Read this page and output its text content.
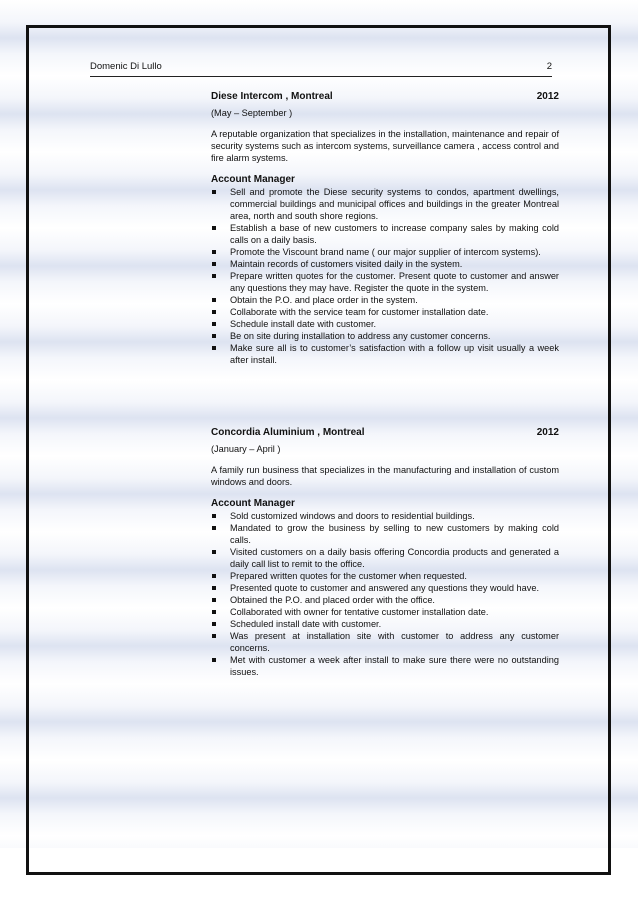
Domenic Di Lullo	2
Diese Intercom , Montreal	2012
(May – September )
A reputable organization that specializes in the installation, maintenance and repair of security systems such as intercom systems, surveillance camera , access control and fire alarm systems.
Account Manager
Sell and promote the Diese security systems to condos, apartment dwellings, commercial buildings and municipal offices and buildings in the greater Montreal area, north and south shore regions.
Establish a base of new customers to increase company sales by making cold calls on a daily basis.
Promote the Viscount brand name ( our major supplier of intercom systems).
Maintain records of customers visited daily in the system.
Prepare written quotes for the customer. Present quote to customer and answer any questions they may have. Register the quote in the system.
Obtain the P.O. and place order in the system.
Collaborate with the service team for customer installation date.
Schedule install date with customer.
Be on site during installation to address any customer concerns.
Make sure all is to customer’s satisfaction with a follow up visit usually a week after install.
Concordia Aluminium , Montreal	2012
(January – April )
A family run business that specializes in the manufacturing and installation of custom windows and doors.
Account Manager
Sold customized windows and doors to residential buildings.
Mandated to grow the business by selling to new customers by making cold calls.
Visited customers on a daily basis offering Concordia products and generated a daily call list to remit to the office.
Prepared written quotes for the customer when requested.
Presented quote to customer and answered any questions they would have.
Obtained the P.O. and placed order with the office.
Collaborated with owner for tentative customer installation date.
Scheduled install date with customer.
Was present at installation site with customer to address any customer concerns.
Met with customer a week after install to make sure there were no outstanding issues.
